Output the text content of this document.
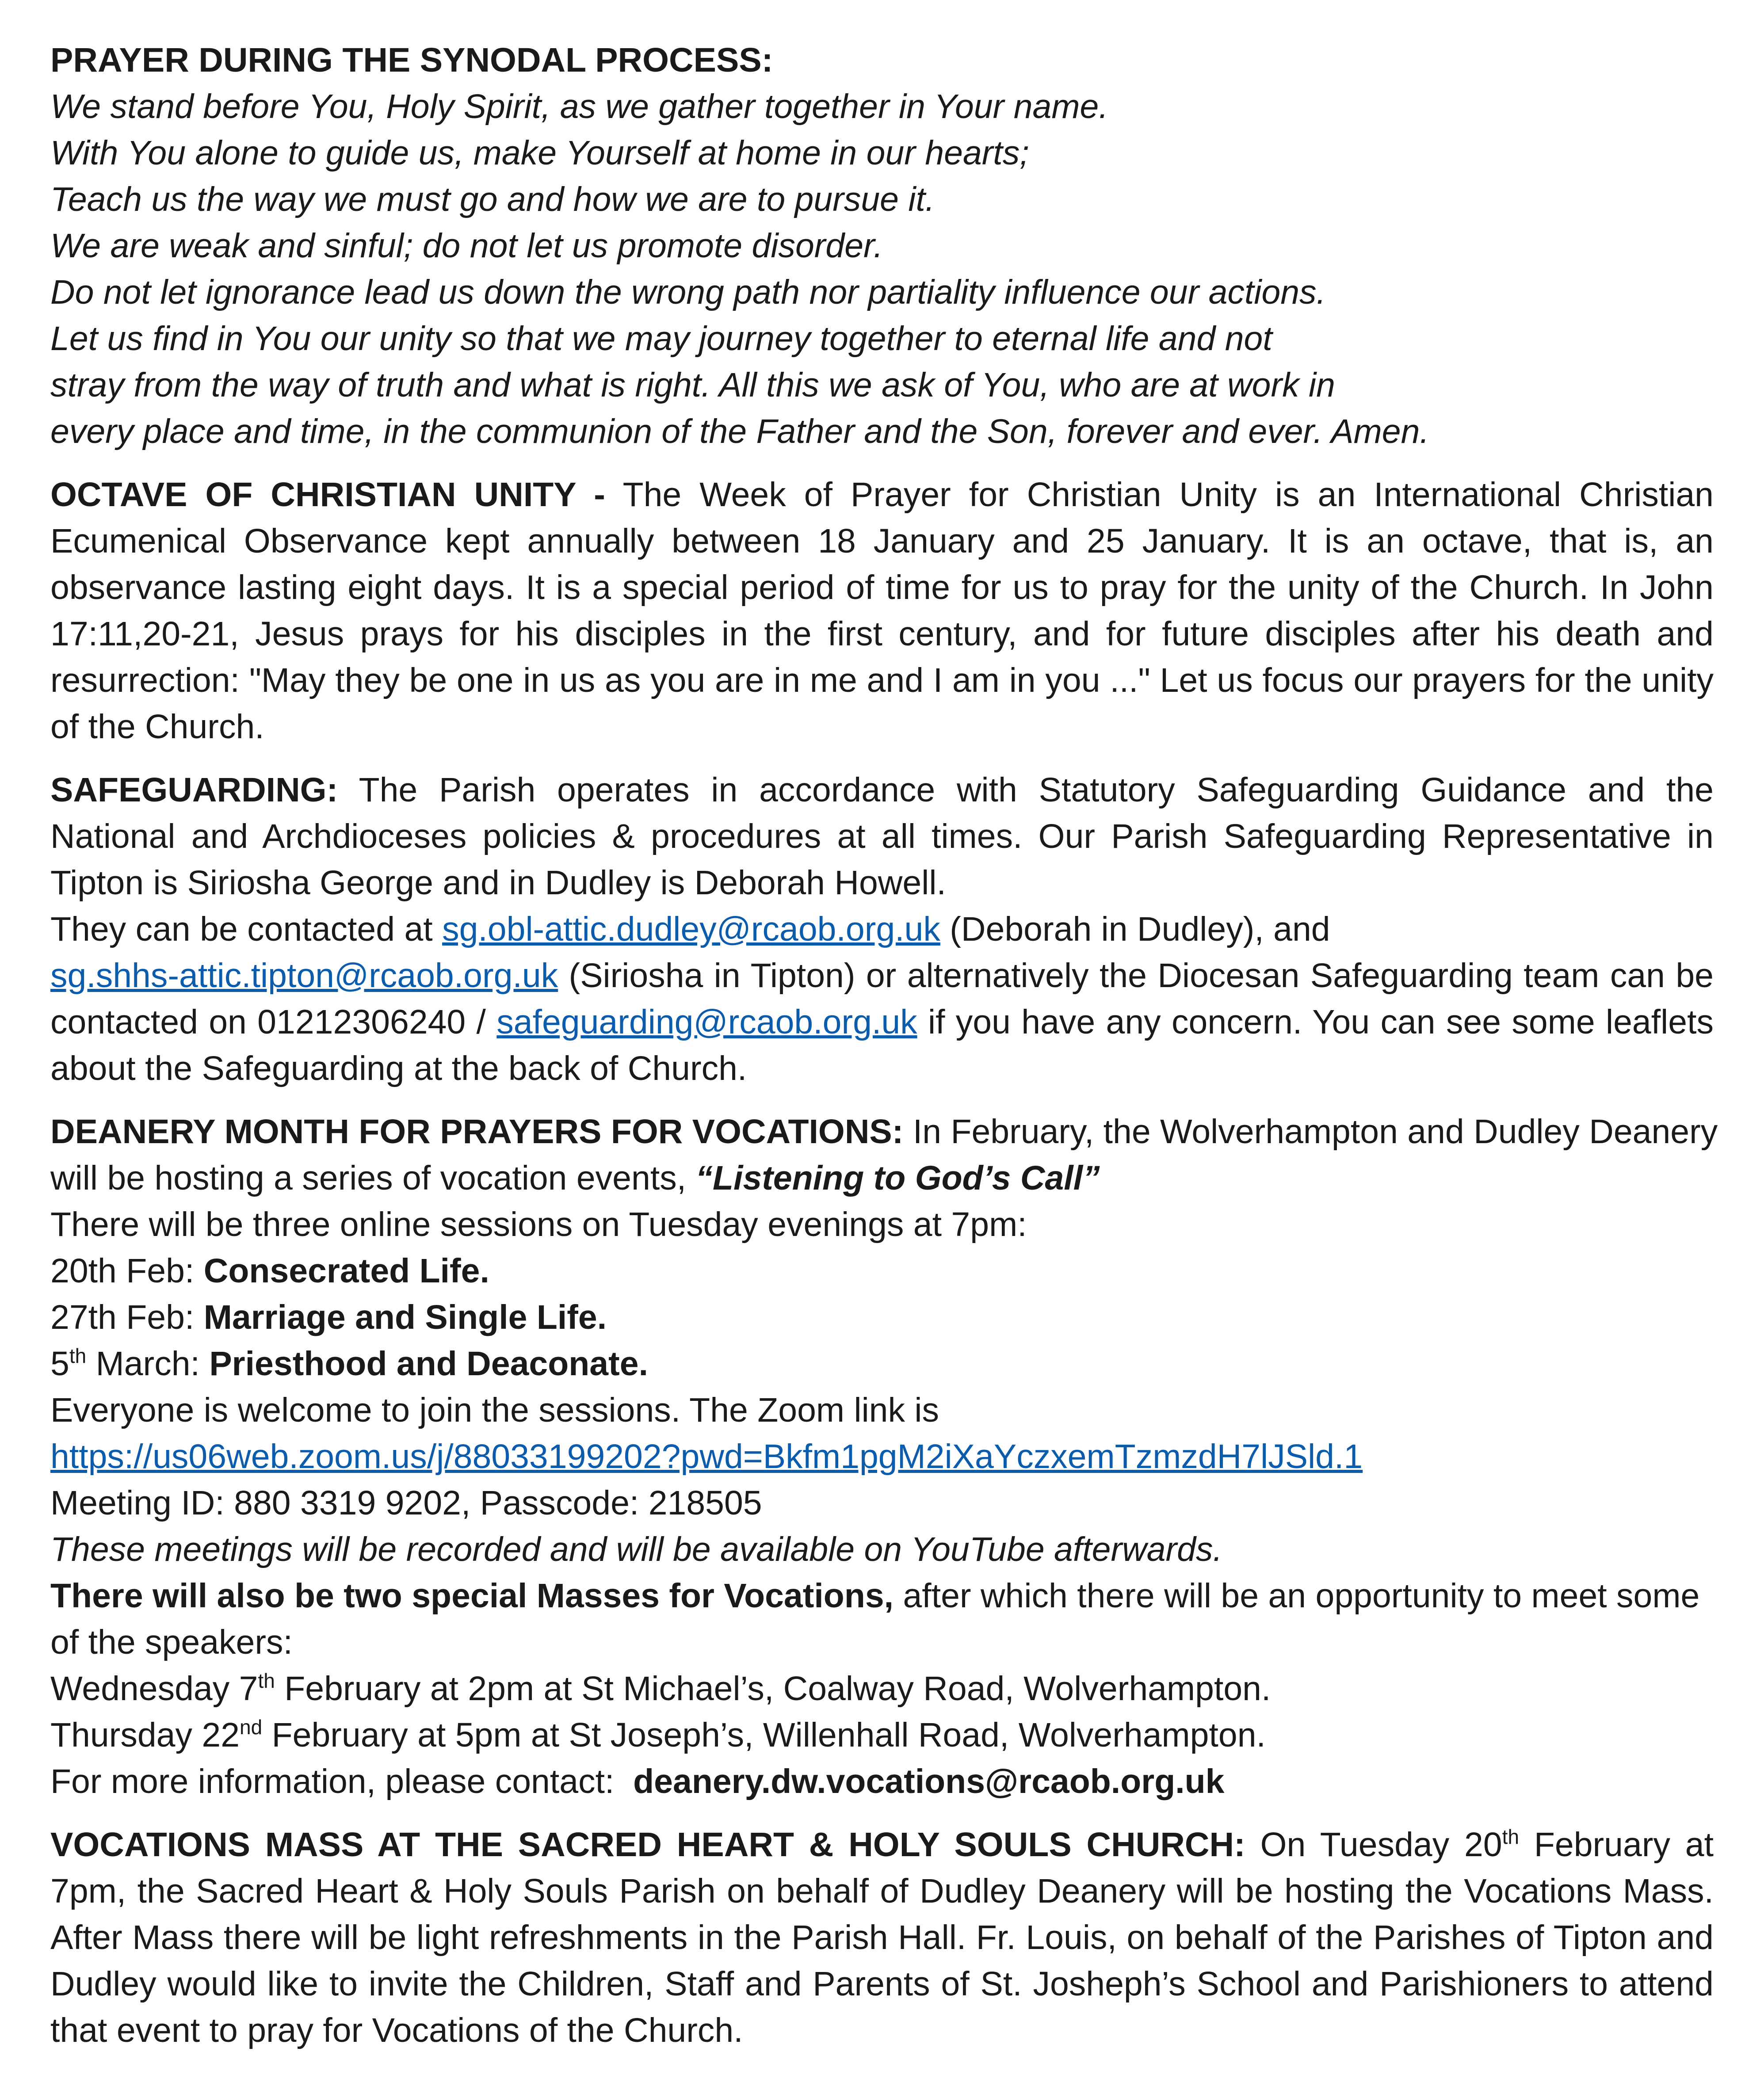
PRAYER DURING THE SYNODAL PROCESS:
We stand before You, Holy Spirit, as we gather together in Your name.
With You alone to guide us, make Yourself at home in our hearts;
Teach us the way we must go and how we are to pursue it.
We are weak and sinful; do not let us promote disorder.
Do not let ignorance lead us down the wrong path nor partiality influence our actions.
Let us find in You our unity so that we may journey together to eternal life and not
stray from the way of truth and what is right. All this we ask of You, who are at work in
every place and time, in the communion of the Father and the Son, forever and ever. Amen.
OCTAVE OF CHRISTIAN UNITY - The Week of Prayer for Christian Unity is an International Christian Ecumenical Observance kept annually between 18 January and 25 January. It is an octave, that is, an observance lasting eight days. It is a special period of time for us to pray for the unity of the Church. In John 17:11,20-21, Jesus prays for his disciples in the first century, and for future disciples after his death and resurrection: "May they be one in us as you are in me and I am in you ..." Let us focus our prayers for the unity of the Church.
SAFEGUARDING: The Parish operates in accordance with Statutory Safeguarding Guidance and the National and Archdioceses policies & procedures at all times. Our Parish Safeguarding Representative in Tipton is Siriosha George and in Dudley is Deborah Howell.
They can be contacted at sg.obl-attic.dudley@rcaob.org.uk (Deborah in Dudley), and
sg.shhs-attic.tipton@rcaob.org.uk (Siriosha in Tipton) or alternatively the Diocesan Safeguarding team can be contacted on 01212306240 / safeguarding@rcaob.org.uk if you have any concern. You can see some leaflets about the Safeguarding at the back of Church.
DEANERY MONTH FOR PRAYERS FOR VOCATIONS: In February, the Wolverhampton and Dudley Deanery
will be hosting a series of vocation events, “Listening to God’s Call”
There will be three online sessions on Tuesday evenings at 7pm:
20th Feb: Consecrated Life.
27th Feb: Marriage and Single Life.
5th March: Priesthood and Deaconate.
Everyone is welcome to join the sessions. The Zoom link is
https://us06web.zoom.us/j/88033199202?pwd=Bkfm1pgM2iXaYczxemTzmzdH7lJSld.1
Meeting ID: 880 3319 9202, Passcode: 218505
These meetings will be recorded and will be available on YouTube afterwards.
There will also be two special Masses for Vocations, after which there will be an opportunity to meet some of the speakers:
Wednesday 7th February at 2pm at St Michael’s, Coalway Road, Wolverhampton.
Thursday 22nd February at 5pm at St Joseph’s, Willenhall Road, Wolverhampton.
For more information, please contact:  deanery.dw.vocations@rcaob.org.uk
VOCATIONS MASS AT THE SACRED HEART & HOLY SOULS CHURCH: On Tuesday 20th February at 7pm, the Sacred Heart & Holy Souls Parish on behalf of Dudley Deanery will be hosting the Vocations Mass. After Mass there will be light refreshments in the Parish Hall. Fr. Louis, on behalf of the Parishes of Tipton and Dudley would like to invite the Children, Staff and Parents of St. Josheph’s School and Parishioners to attend that event to pray for Vocations of the Church.
